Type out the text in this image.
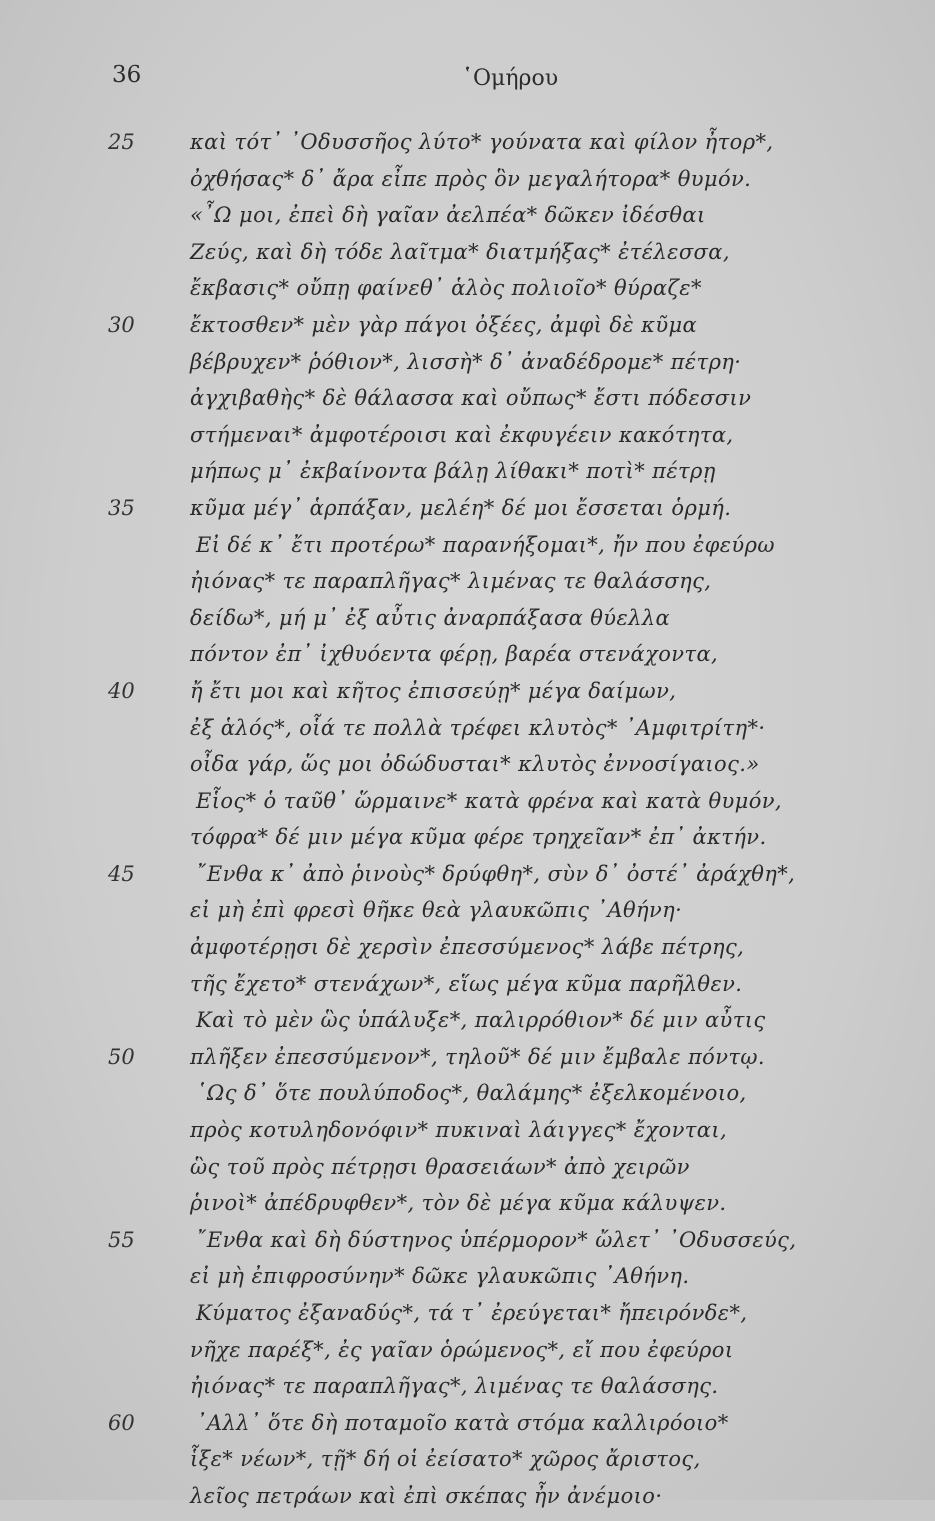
36	῾Ομήρου
25	καὶ τότ᾽ ᾽Οδυσσῆος λύτο* γούνατα καὶ φίλον ἦτορ*,
ὀχθήσας* δ᾽ ἄρα εἶπε πρὸς ὃν μεγαλήτορα* θυμόν.
«῏Ω μοι, ἐπεὶ δὴ γαῖαν ἀελπέα* δῶκεν ἰδέσθαι
Ζεύς, καὶ δὴ τόδε λαῖτμα* διατμήξας* ἐτέλεσσα,
ἔκβασις* οὔπῃ φαίνεθ᾽ ἁλὸς πολιοῖο* θύραζε*
30	ἔκτοσθεν* μὲν γὰρ πάγοι ὀξέες, ἀμφὶ δὲ κῦμα
βέβρυχεν* ῥόθιον*, λισσὴ* δ᾽ ἀναδέδρομε* πέτρη·
ἀγχιβαθὴς* δὲ θάλασσα καὶ οὔπως* ἔστι πόδεσσιν
στήμεναι* ἀμφοτέροισι καὶ ἐκφυγέειν κακότητα,
μήπως μ᾽ ἐκβαίνοντα βάλῃ λίθακι* ποτὶ* πέτρῃ
35	κῦμα μέγ᾽ ἁρπάξαν, μελέη* δέ μοι ἔσσεται ὁρμή.
Εἰ δέ κ᾽ ἔτι προτέρω* παρανήξομαι*, ἤν που ἐφεύρω
ἠιόνας* τε παραπλῆγας* λιμένας τε θαλάσσης,
δείδω*, μή μ᾽ ἐξ αὖτις ἀναρπάξασα θύελλα
πόντον ἐπ᾽ ἰχθυόεντα φέρῃ, βαρέα στενάχοντα,
40	ἤ ἔτι μοι καὶ κῆτος ἐπισσεύῃ* μέγα δαίμων,
ἐξ ἁλός*, οἷά τε πολλὰ τρέφει κλυτὸς* ᾽Αμφιτρίτη*·
οἶδα γάρ, ὥς μοι ὀδώδυσται* κλυτὸς ἐννοσίγαιος.»
Εἷος* ὁ ταῦθ᾽ ὥρμαινε* κατὰ φρένα καὶ κατὰ θυμόν,
τόφρα* δέ μιν μέγα κῦμα φέρε τρηχεῖαν* ἐπ᾽ ἀκτήν.
45	῎Ενθα κ᾽ ἀπὸ ῥινοὺς* δρύφθη*, σὺν δ᾽ ὀστέ᾽ ἀράχθη*,
εἰ μὴ ἐπὶ φρεσὶ θῆκε θεὰ γλαυκῶπις ᾽Αθήνη·
ἀμφοτέρῃσι δὲ χερσὶν ἐπεσσύμενος* λάβε πέτρης,
τῆς ἔχετο* στενάχων*, εἵως μέγα κῦμα παρῆλθεν.
Καὶ τὸ μὲν ὣς ὑπάλυξε*, παλιρρόθιον* δέ μιν αὖτις
50	πλῆξεν ἐπεσσύμενον*, τηλοῦ* δέ μιν ἔμβαλε πόντῳ.
῾Ως δ᾽ ὅτε πουλύποδος*, θαλάμης* ἐξελκομένοιο,
πρὸς κοτυληδονόφιν* πυκιναὶ λάιγγες* ἔχονται,
ὣς τοῦ πρὸς πέτρῃσι θρασειάων* ἀπὸ χειρῶν
ῥινοὶ* ἀπέδρυφθεν*, τὸν δὲ μέγα κῦμα κάλυψεν.
55	῎Ενθα καὶ δὴ δύστηνος ὑπέρμορον* ὤλετ᾽ ᾽Οδυσσεύς,
εἰ μὴ ἐπιφροσύνην* δῶκε γλαυκῶπις ᾽Αθήνη.
Κύματος ἐξαναδύς*, τά τ᾽ ἐρεύγεται* ἤπειρόνδε*,
νῆχε παρέξ*, ἐς γαῖαν ὁρώμενος*, εἴ που ἐφεύροι
ἠιόνας* τε παραπλῆγας*, λιμένας τε θαλάσσης.
60	᾽Αλλ᾽ ὅτε δὴ ποταμοῖο κατὰ στόμα καλλιρόοιο*
ἷξε* νέων*, τῇ* δή οἱ ἐείσατο* χῶρος ἄριστος,
λεῖος πετράων καὶ ἐπὶ σκέπας ἦν ἀνέμοιο·
